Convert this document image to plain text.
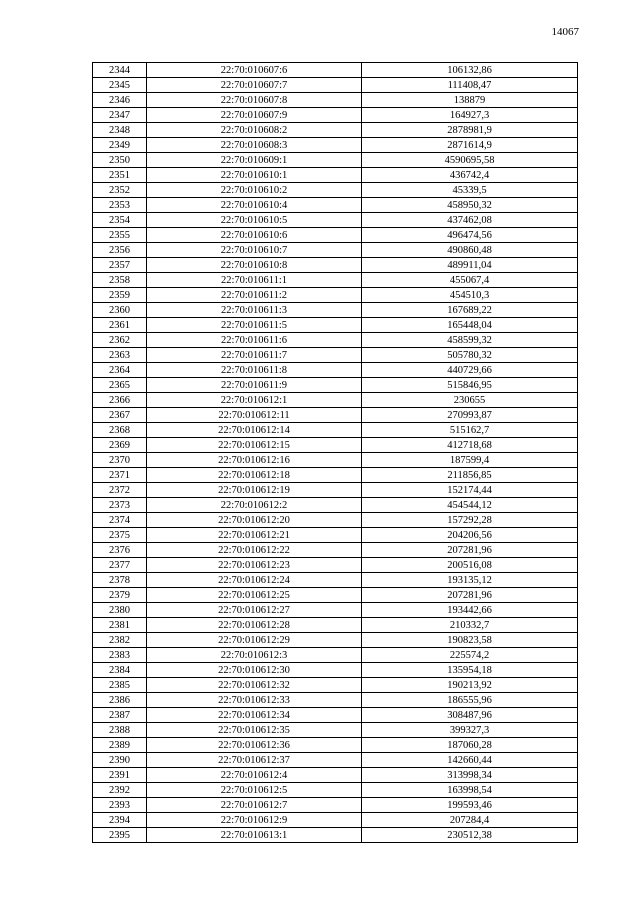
14067
2344	22:70:010607:6	106132,86
2345	22:70:010607:7	111408,47
2346	22:70:010607:8	138879
2347	22:70:010607:9	164927,3
2348	22:70:010608:2	2878981,9
2349	22:70:010608:3	2871614,9
2350	22:70:010609:1	4590695,58
2351	22:70:010610:1	436742,4
2352	22:70:010610:2	45339,5
2353	22:70:010610:4	458950,32
2354	22:70:010610:5	437462,08
2355	22:70:010610:6	496474,56
2356	22:70:010610:7	490860,48
2357	22:70:010610:8	489911,04
2358	22:70:010611:1	455067,4
2359	22:70:010611:2	454510,3
2360	22:70:010611:3	167689,22
2361	22:70:010611:5	165448,04
2362	22:70:010611:6	458599,32
2363	22:70:010611:7	505780,32
2364	22:70:010611:8	440729,66
2365	22:70:010611:9	515846,95
2366	22:70:010612:1	230655
2367	22:70:010612:11	270993,87
2368	22:70:010612:14	515162,7
2369	22:70:010612:15	412718,68
2370	22:70:010612:16	187599,4
2371	22:70:010612:18	211856,85
2372	22:70:010612:19	152174,44
2373	22:70:010612:2	454544,12
2374	22:70:010612:20	157292,28
2375	22:70:010612:21	204206,56
2376	22:70:010612:22	207281,96
2377	22:70:010612:23	200516,08
2378	22:70:010612:24	193135,12
2379	22:70:010612:25	207281,96
2380	22:70:010612:27	193442,66
2381	22:70:010612:28	210332,7
2382	22:70:010612:29	190823,58
2383	22:70:010612:3	225574,2
2384	22:70:010612:30	135954,18
2385	22:70:010612:32	190213,92
2386	22:70:010612:33	186555,96
2387	22:70:010612:34	308487,96
2388	22:70:010612:35	399327,3
2389	22:70:010612:36	187060,28
2390	22:70:010612:37	142660,44
2391	22:70:010612:4	313998,34
2392	22:70:010612:5	163998,54
2393	22:70:010612:7	199593,46
2394	22:70:010612:9	207284,4
2395	22:70:010613:1	230512,38
